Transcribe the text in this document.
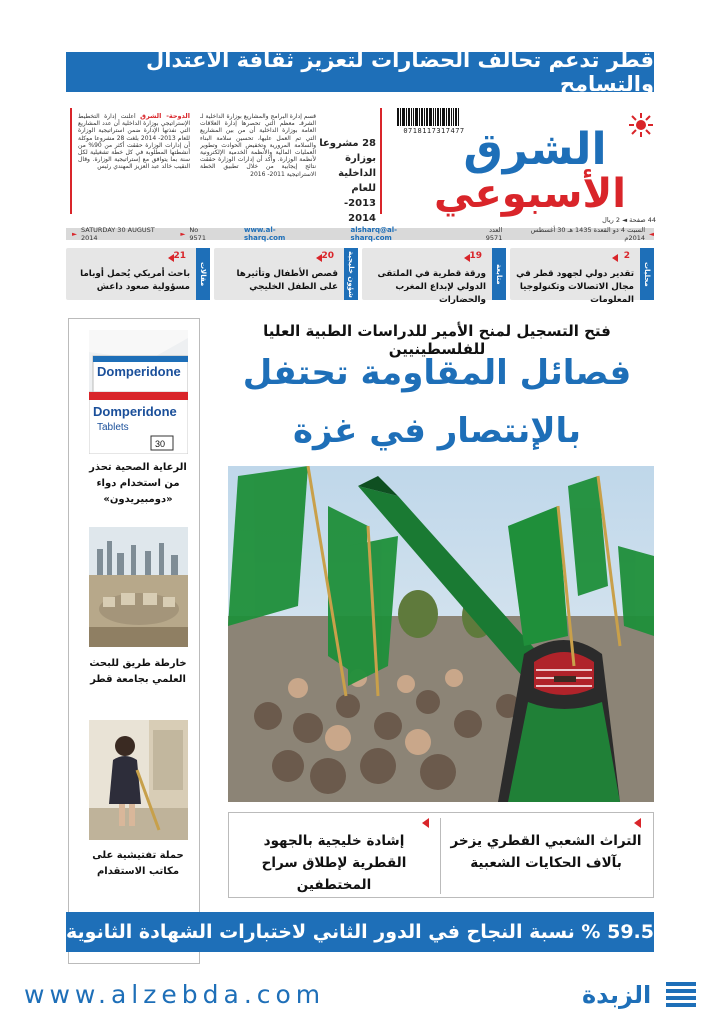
قطر تدعم تحالف الحضارات لتعزيز ثقافة الاعتدال والتسامح
الدوحة- الشرق أعلنت إدارة التخطيط الإستراتيجي بوزارة الداخلية أن عدد المشاريع التي نفذتها الإدارة ضمن استراتيجية الوزارة للعام 2013- 2014 بلغت 28 مشروعا موكلة أن إدارات الوزارة حققت أكثر من 90% من أنشطتها المطلوبة في كل خطة تشغيلية لكل سنة بما يتوافق مع إستراتيجية الوزارة. وقال النقيب خالد عبد العزيز المهندي رئيس
قسم إدارة البرامج والمشاريع بوزارة الداخلية لـ الشرقـ معظم التي تحصرها إدارة العلاقات العامة بوزارة الداخلية أن من بين المشاريع التي تم العمل عليها، تحسين سلامة البناء والسلامة المرورية وتخفيض الحوادث وتطوير العمليات المالية والأنظمة الخدمية الإلكترونية لأنظمة الوزارة. وأكد أن إدارات الوزارة حققت نتائج إيجابية من خلال تطبيق الخطة الاستراتيجية 2011- 2016
28 مشروعا بوزارة الداخلية للعام 2013- 2014
0718117317477
الشرق
الأسبوعي
44 صفحة ◄ 2 ريال
► SATURDAY 30 AUGUST 2014	► No 9571
www.al-sharq.com
alsharq@al-sharq.com
العدد 9571
السبت 4 ذو القعدة 1435 هـ 30 أغسطس 2014م ◄
محليات
2
تقدير دولي لجهود قطر في مجال الاتصالات وتكنولوجيا المعلومات
متابعة
19
ورقة قطرية في الملتقى الدولي لإبداع المغرب والحضارات
شؤون خليجية
20
قصص الأطفال وتأثيرها على الطفل الخليجي
مقالات
21
باحث أمريكي يُحمل أوباما مسؤولية صعود داعش
Domperidone
Domperidone
Tablets
30
الرعاية الصحية تحذر من استخدام دواء «دومبيريدون»
خارطة طريق للبحث العلمي بجامعة قطر
حملة تفتيشية على مكاتب الاستقدام
فتح التسجيل لمنح الأمير للدراسات الطبية العليا للفلسطينيين
فصائل المقاومة تحتفل
بالإنتصار في غزة
التراث الشعبي القطري يزخر بآلاف الحكايات الشعبية
إشادة خليجية بالجهود القطرية لإطلاق سراح المختطفين
59.5 % نسبة النجاح في الدور الثاني لاختبارات الشهادة الثانوية
www.alzebda.com	الزبدة
